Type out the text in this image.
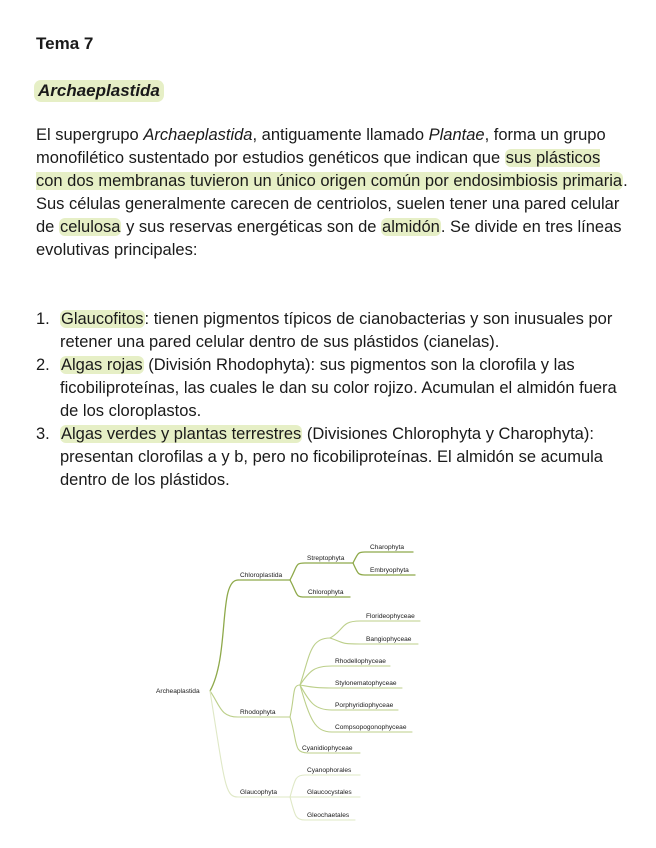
Tema 7
Archaeplastida

El supergrupo Archaeplastida, antiguamente llamado Plantae, forma un grupo monofilético sustentado por estudios genéticos que indican que sus plásticos con dos membranas tuvieron un único origen común por endosimbiosis primaria. Sus células generalmente carecen de centriolos, suelen tener una pared celular de celulosa y sus reservas energéticas son de almidón. Se divide en tres líneas evolutivas principales:

1. Glaucofitos: tienen pigmentos típicos de cianobacterias y son inusuales por retener una pared celular dentro de sus plástidos (cianelas).
2. Algas rojas (División Rhodophyta): sus pigmentos son la clorofila y las ficobiliproteínas, las cuales le dan su color rojizo. Acumulan el almidón fuera de los cloroplastos.
3. Algas verdes y plantas terrestres (Divisiones Chlorophyta y Charophyta): presentan clorofilas a y b, pero no ficobiliproteínas. El almidón se acumula dentro de los plástidos.
Archeaplastida
Chloroplastida
Streptophyta
Charophyta
Embryophyta
Chlorophyta
Rhodophyta
Florideophyceae
Bangiophyceae
Rhodellophyceae
Stylonematophyceae
Porphyridiophyceae
Compsopogonophyceae
Cyanidiophyceae
Glaucophyta
Cyanophorales
Glaucocystales
Gleochaetales
